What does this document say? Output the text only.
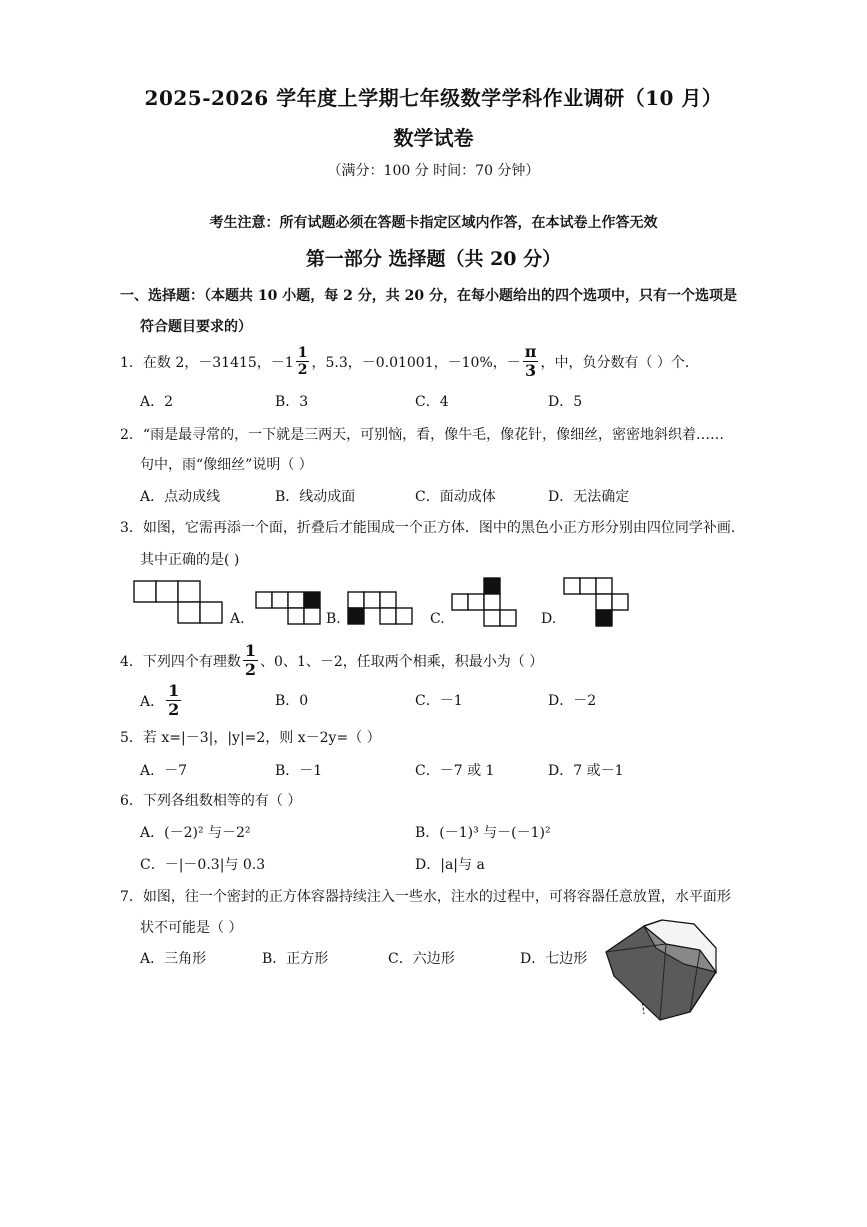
2025-2026 学年度上学期七年级数学学科作业调研（10 月）
数学试卷
（满分：100 分 时间：70 分钟）
考生注意：所有试题必须在答题卡指定区域内作答，在本试卷上作答无效
第一部分 选择题（共 20 分）
一、选择题：（本题共 10 小题，每 2 分，共 20 分，在每小题给出的四个选项中，只有一个选项是
符合题目要求的）
1．在数 2，－31415，$-1 \frac{1}{2}$ ，5.3，－0.01001，－10%，－ $\frac{\pi}{3}$ ，中，负分数有（ ）个．
A．2	B．3	C．4	D．5
2．“雨是最寻常的，一下就是三两天，可别恼，看，像牛毛，像花针，像细丝，密密地斜织着……
句中，雨“像细丝”说明（ ）
A．点动成线	B．线动成面	C．面动成体	D．无法确定
3．如图，它需再添一个面，折叠后才能围成一个正方体．图中的黑色小正方形分别由四位同学补画．
其中正确的是( )
A.	B.	C.	D.
4．下列四个有理数 $\frac{1}{2}$ 、0、1、－2，任取两个相乘，积最小为（ ）
A． $\frac{1}{2}$	B．0	C．－1	D．－2
5．若 x=|－3|，|y|=2，则 x－2y=（ ）
A．－7	B．－1	C．－7 或 1	D．7 或－1
6．下列各组数相等的有（ ）
A．(－2)² 与－2²	B．(－1)³ 与－(－1)²
C．－|－0.3|与 0.3	D．|a|与 a
7．如图，往一个密封的正方体容器持续注入一些水，注水的过程中，可将容器任意放置，水平面形
状不可能是（ ）
A．三角形	B．正方形	C．六边形	D．七边形
